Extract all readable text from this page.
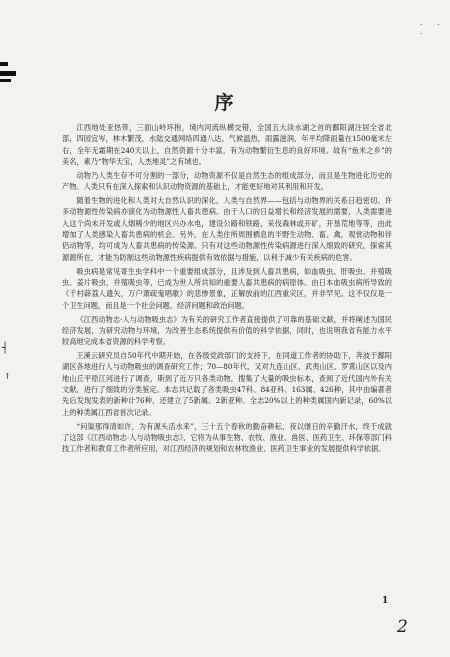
┤
↑
. . .
序

江西地处亚热带，三面山岭环抱，境内河流纵横交错，全国五大淡水湖之首的鄱阳湖注居全省北部，四园宜岑，林木繁茂，水陆交通网络四通八达。气候温热，雨露滋润，年平均降雨量在1500毫米左右，全年无霜期在240天以上，自然资源十分丰富，有为动物繁衍生息的良好环境。故有“鱼米之乡”的美名，素乃“物华天宝，人杰地灵”之有域也。

动物乃人类生存不可分割的一部分，动物资源不仅是自然生态的组成部分，而且是生物进化历史的产物。人类只有在深入探索和认识动物资源的基础上，才能更好地对其利用和开发。

随着生物的进化和人类对大自然认识的深化，人类与自然界——包括与动物界的关系日趋密切。许多动物源性传染病亦演化为动物源性人畜共患病。由于人口的日益增长和经济发展的需要，人类需要进入这个尚未开发或人烟稀少的地区兴办水电，建设公路和铁路，采伐森林或开矿，开垦荒地等等，由此增加了人类感染人畜共患病的机会。另外，在人类住所周围栖息的半野生动物、畜、禽，观赏动物和伴侣动物等，均可成为人畜共患病的传染源。只有对这些动物源性传染病源进行深入细致的研究，探索其源源所在，才能为防制这些动物源性疾病提供有效依据与措施，以利于减少有关疾病的危害。

吸虫病是常见寄生虫学科中一个重要组成部分，且涉及到人畜共患病，如血吸虫、肝吸虫、并殖吸虫、姜片吸虫，并殖吸虫等，已成为世人所共知的重要人畜共患病的病原体。由日本血吸虫病所导致的《千村薜荔人遗矢，万户萧疏鬼唱歌》的悲惨景象，正解放前的江西重灾区，并非罕见。这不仅仅是一个卫生问题，而且是一个社会问题、经济问题和政治问题。

《江西动物志·人与动物吸虫志》为有关的研究工作者直接提供了可靠的基础文献，并将阐述为国民经济发展，为研究动物与环境，为改善生态系统提供有价值的科学依据，同时，也说明我省有能力水平较高地完成本省资源的科学考察。

王溪云研究员自50年代中期开始，在各级党政部门的支持下，在同道工作者的协助下，奔波于鄱阳湖区各地进行人与动物吸虫的调查研究工作；70—80年代，又对九连山区、武夷山区、罗霄山区以及内地山丘平原江河进行了调查，斯到了近万只各类动物，搜集了大量的吸虫标本，查阅了近代国内外有关文献，进行了细致的分类鉴定。本志共记载了各类吸虫47科、84亚科、163属、426种，其中由编著者先后发现发表的新种计76种，还建立了5新属、2新亚种。全志20%以上的种类属国内新记录，60%以上的种类属江西省首次记录。

“问渠那得清如许，为有源头活水来”，三十五个春秋的勤奋耕耘，夜以继日的辛勤汗水，终于成就了这部《江西动物志·人与动物吸虫志》，它将为从事生物、农牧、渔业、兽医、医药卫生、环保等部门科技工作者和教育工作者所应用，对江西经济的规划和农林牧渔业、医药卫生事业的发展提供科学依据。

1
2
